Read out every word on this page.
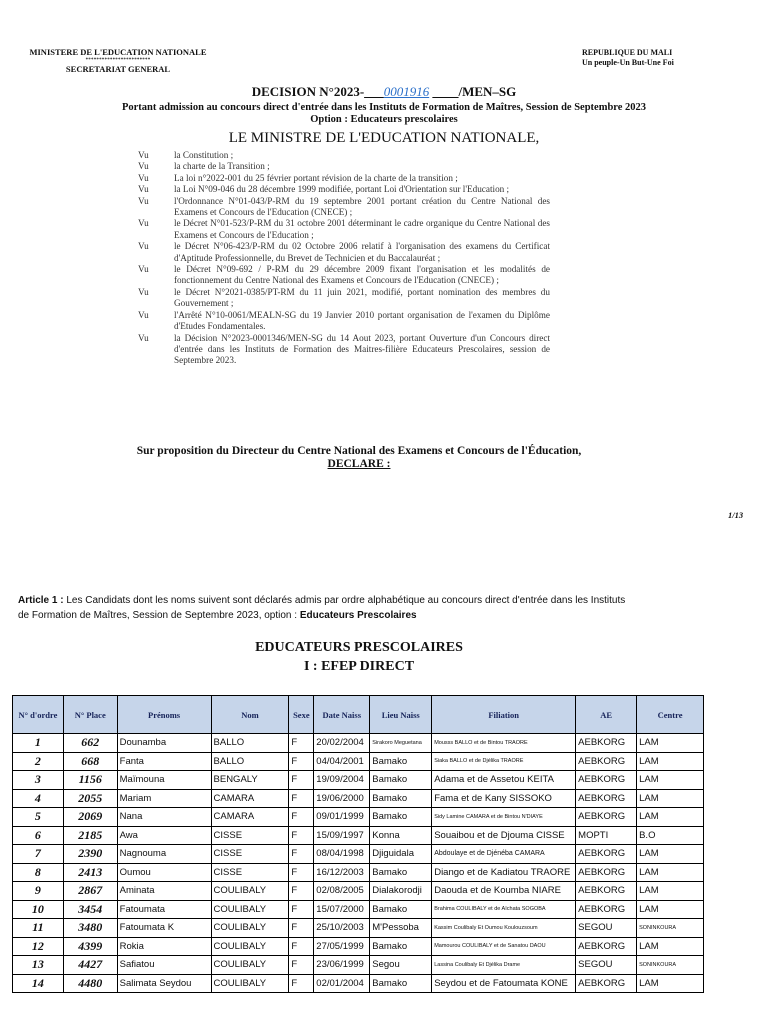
MINISTERE DE L'EDUCATION NATIONALE
************************
SECRETARIAT GENERAL
REPUBLIQUE DU MALI
Un peuple-Un But-Une Foi
DECISION N°2023-___0001916 ____/MEN–SG
Portant admission au concours direct d'entrée dans les Instituts de Formation de Maîtres, Session de Septembre 2023
Option : Educateurs prescolaires
LE MINISTRE DE L'EDUCATION NATIONALE,
Vu	la Constitution ;
Vu	la charte de la Transition ;
Vu	La loi n°2022-001 du 25 février portant révision de la charte de la transition ;
Vu	la Loi N°09-046 du 28 décembre 1999 modifiée, portant Loi d'Orientation sur l'Education ;
Vu	l'Ordonnance N°01-043/P-RM du 19 septembre 2001 portant création du Centre National des Examens et Concours de l'Education (CNECE) ;
Vu	le Décret N°01-523/P-RM du 31 octobre 2001 déterminant le cadre organique du Centre National des Examens et Concours de l'Education ;
Vu	le Décret N°06-423/P-RM du 02 Octobre 2006 relatif à l'organisation des examens du Certificat d'Aptitude Professionnelle, du Brevet de Technicien et du Baccalauréat ;
Vu	le Décret N°09-692 / P-RM du 29 décembre 2009 fixant l'organisation et les modalités de fonctionnement du Centre National des Examens et Concours de l'Education (CNECE) ;
Vu	le Décret N°2021-0385/PT-RM du 11 juin 2021, modifié, portant nomination des membres du Gouvernement ;
Vu	l'Arrêté N°10-0061/MEALN-SG du 19 Janvier 2010 portant organisation de l'examen du Diplôme d'Etudes Fondamentales.
Vu	la Décision N°2023-0001346/MEN-SG du 14 Aout 2023, portant Ouverture d'un Concours direct d'entrée dans les Instituts de Formation des Maitres-filière Educateurs Prescolaires, session de Septembre 2023.
Sur proposition du Directeur du Centre National des Examens et Concours de l'Éducation,
DECLARE :
1/13
Article 1 : Les Candidats dont les noms suivent sont déclarés admis par ordre alphabétique au concours direct d'entrée dans les Instituts de Formation de Maîtres, Session de Septembre 2023, option : Educateurs Prescolaires
EDUCATEURS PRESCOLAIRES
I : EFEP DIRECT
N° d'ordre	N° Place	Prénoms	Nom	Sexe	Date Naiss	Lieu Naiss	Filiation	AE	Centre
1	662	Dounamba	BALLO	F	20/02/2004	Sirakoro Meguetana	Mousss BALLO et de Bintou TRAORE	AEBKORG	LAM
2	668	Fanta	BALLO	F	04/04/2001	Bamako	Siaka BALLO et de Djélika TRAORE	AEBKORG	LAM
3	1156	Maïmouna	BENGALY	F	19/09/2004	Bamako	Adama et de Assetou KEITA	AEBKORG	LAM
4	2055	Mariam	CAMARA	F	19/06/2000	Bamako	Fama et de Kany SISSOKO	AEBKORG	LAM
5	2069	Nana	CAMARA	F	09/01/1999	Bamako	Sidy Lamine CAMARA et de Bintou N'DIAYE	AEBKORG	LAM
6	2185	Awa	CISSE	F	15/09/1997	Konna	Souaibou et de Djouma CISSE	MOPTI	B.O
7	2390	Nagnouma	CISSE	F	08/04/1998	Djiguidala	Abdoulaye et de Djénéba CAMARA	AEBKORG	LAM
8	2413	Oumou	CISSE	F	16/12/2003	Bamako	Diango et de Kadiatou TRAORE	AEBKORG	LAM
9	2867	Aminata	COULIBALY	F	02/08/2005	Dialakorodji	Daouda et de Koumba NIARE	AEBKORG	LAM
10	3454	Fatoumata	COULIBALY	F	15/07/2000	Bamako	Brahima COULIBALY et de Aïchata SOGOBA	AEBKORG	LAM
11	3480	Fatoumata K	COULIBALY	F	25/10/2003	M'Pessoba	Kassim Coulibaly Et Oumou Koulouzsoum	SEGOU	SONINKOURA
12	4399	Rokia	COULIBALY	F	27/05/1999	Bamako	Mamourou COULIBALY et de Sanatou DAOU	AEBKORG	LAM
13	4427	Safiatou	COULIBALY	F	23/06/1999	Segou	Lassina Coulibaly Et Djélika Drame	SEGOU	SONINKOURA
14	4480	Salimata Seydou	COULIBALY	F	02/01/2004	Bamako	Seydou et de Fatoumata KONE	AEBKORG	LAM
